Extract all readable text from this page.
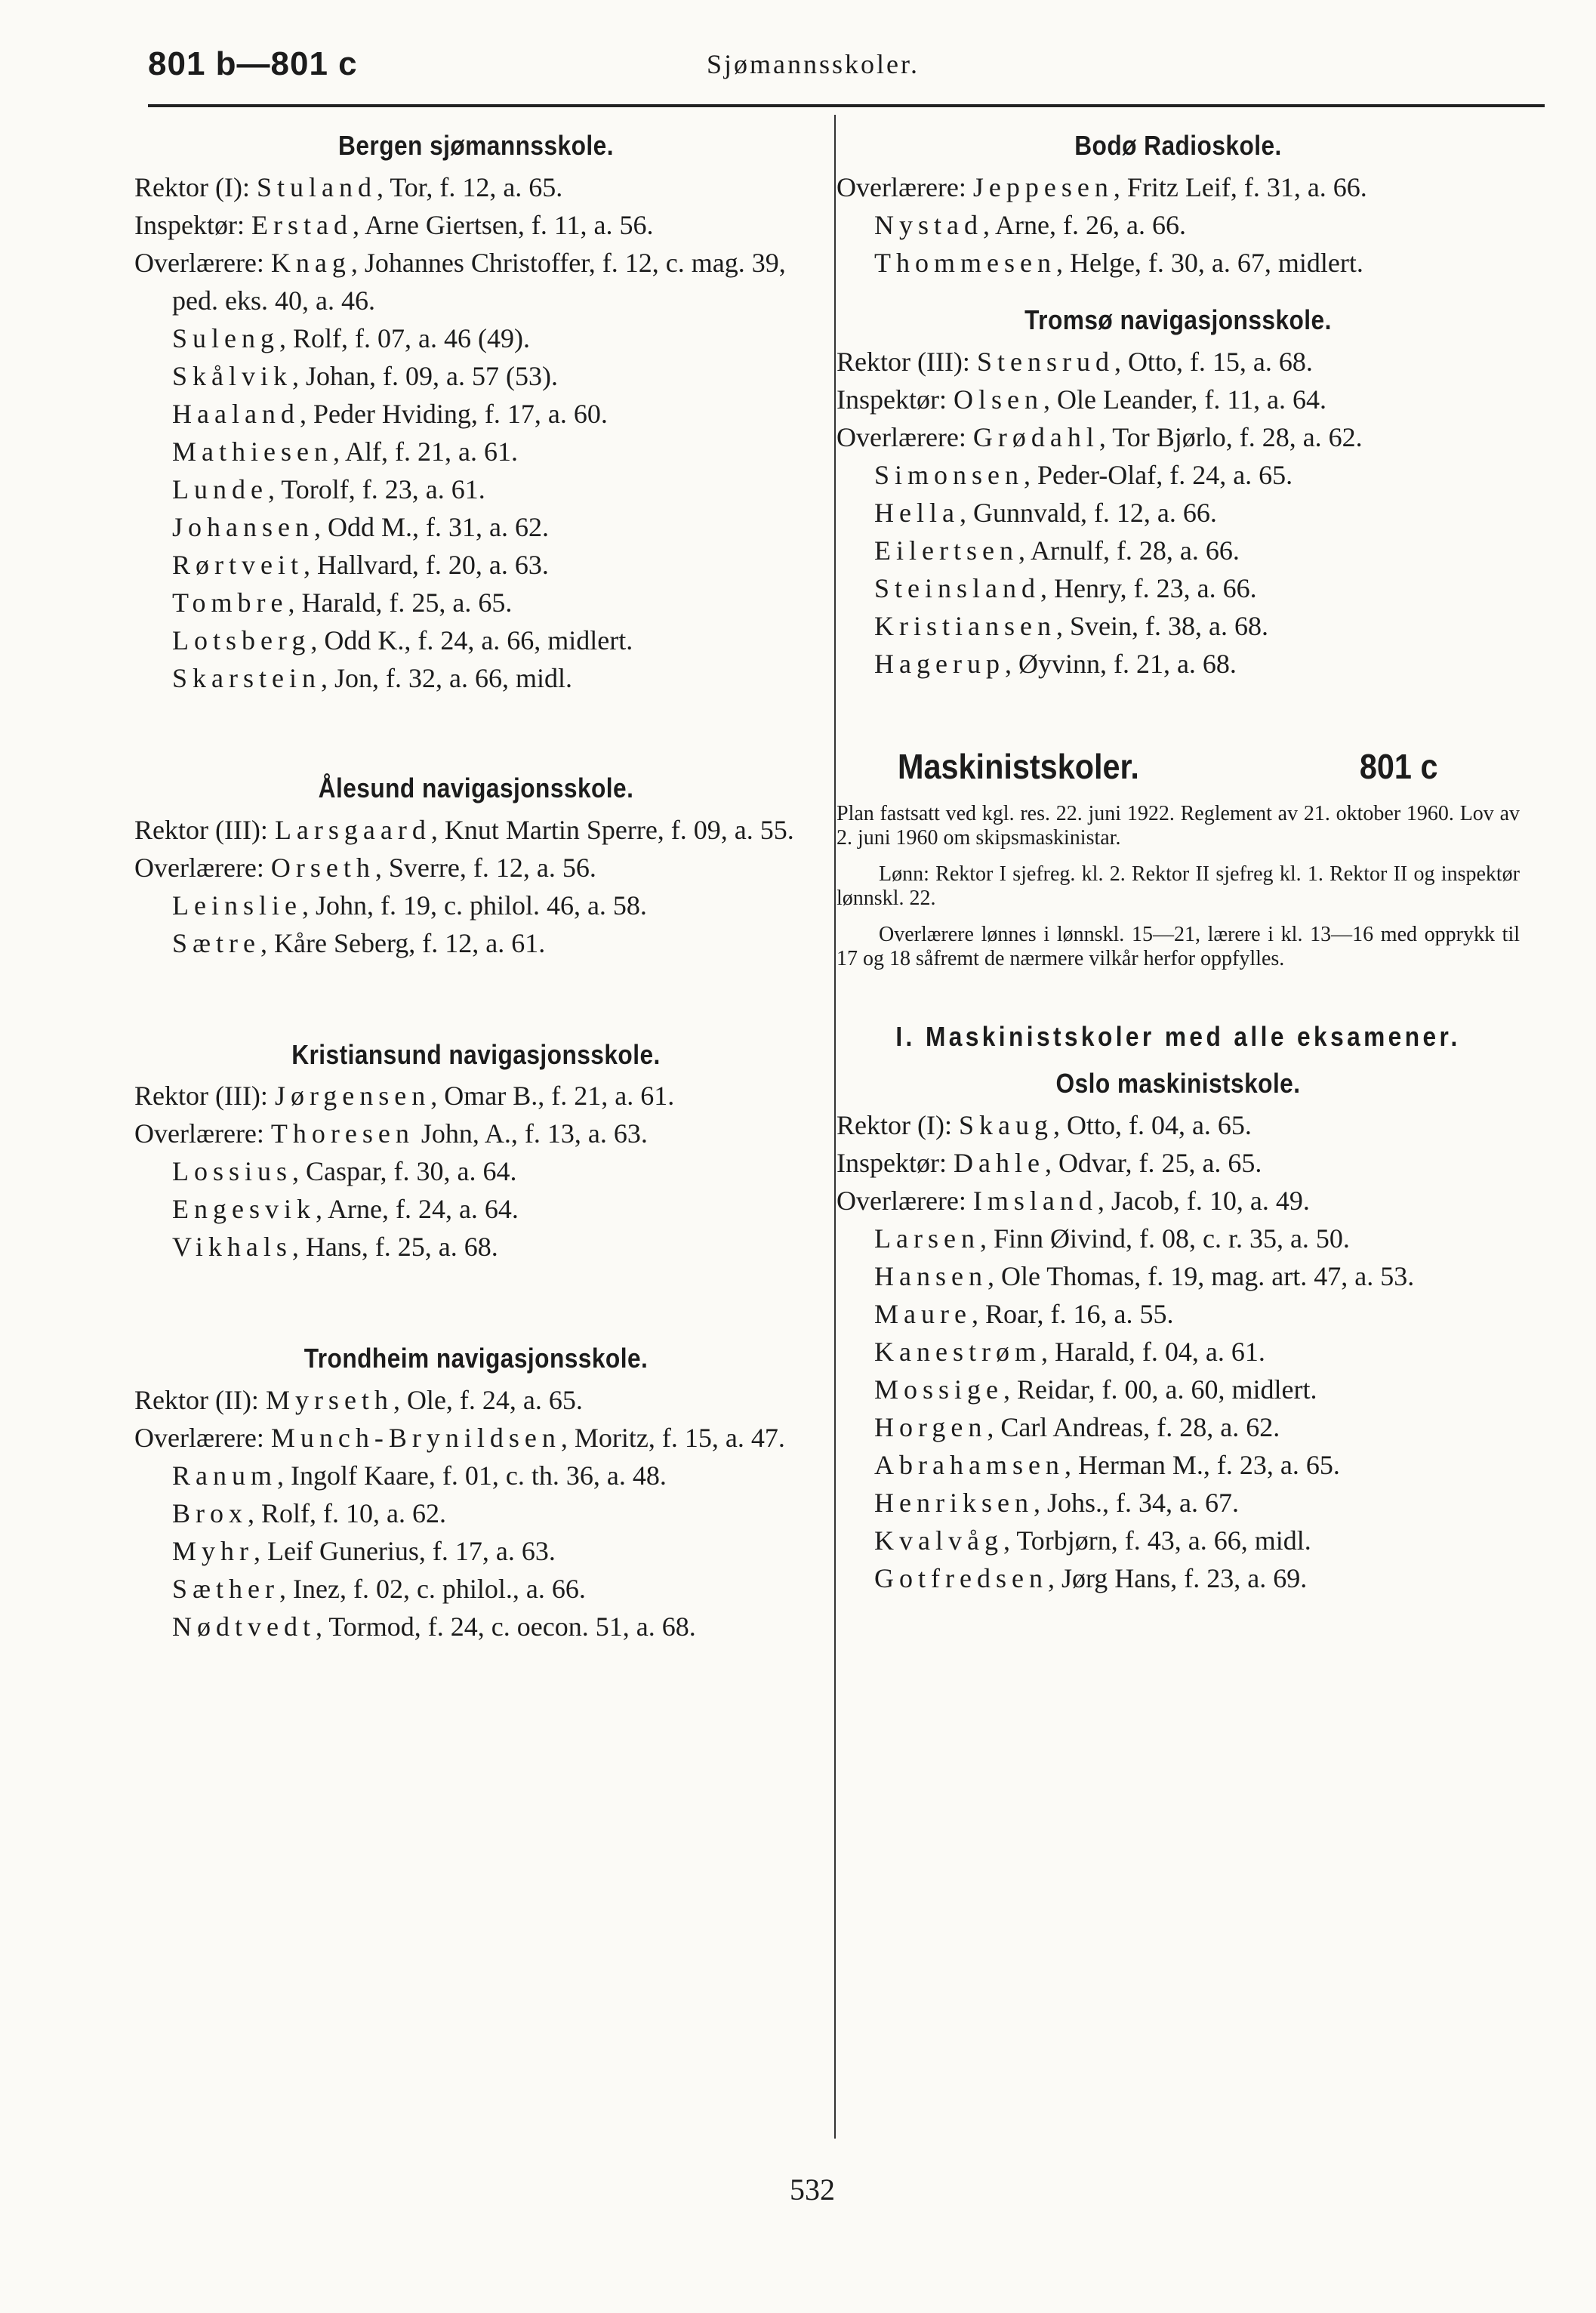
801 b—801 c	Sjømannsskoler.

Bergen sjømannsskole.

Rektor (I): Stuland, Tor, f. 12, a. 65.

Inspektør: Erstad, Arne Giertsen, f. 11, a. 56.

Overlærere: Knag, Johannes Christoffer, f. 12, c. mag. 39, ped. eks. 40, a. 46.

Suleng, Rolf, f. 07, a. 46 (49).

Skålvik, Johan, f. 09, a. 57 (53).

Haaland, Peder Hviding, f. 17, a. 60.

Mathiesen, Alf, f. 21, a. 61.

Lunde, Torolf, f. 23, a. 61.

Johansen, Odd M., f. 31, a. 62.

Rørtveit, Hallvard, f. 20, a. 63.

Tombre, Harald, f. 25, a. 65.

Lotsberg, Odd K., f. 24, a. 66, midlert.

Skarstein, Jon, f. 32, a. 66, midl.

Ålesund navigasjonsskole.

Rektor (III): Larsgaard, Knut Martin Sperre, f. 09, a. 55.

Overlærere: Orseth, Sverre, f. 12, a. 56.

Leinslie, John, f. 19, c. philol. 46, a. 58.

Sætre, Kåre Seberg, f. 12, a. 61.

Kristiansund navigasjonsskole.

Rektor (III): Jørgensen, Omar B., f. 21, a. 61.

Overlærere: Thoresen John, A., f. 13, a. 63.

Lossius, Caspar, f. 30, a. 64.

Engesvik, Arne, f. 24, a. 64.

Vikhals, Hans, f. 25, a. 68.

Trondheim navigasjonsskole.

Rektor (II): Myrseth, Ole, f. 24, a. 65.

Overlærere: Munch-Brynildsen, Moritz, f. 15, a. 47.

Ranum, Ingolf Kaare, f. 01, c. th. 36, a. 48.

Brox, Rolf, f. 10, a. 62.

Myhr, Leif Gunerius, f. 17, a. 63.

Sæther, Inez, f. 02, c. philol., a. 66.

Nødtvedt, Tormod, f. 24, c. oecon. 51, a. 68.

Bodø Radioskole.

Overlærere: Jeppesen, Fritz Leif, f. 31, a. 66.

Nystad, Arne, f. 26, a. 66.

Thommesen, Helge, f. 30, a. 67, midlert.

Tromsø navigasjonsskole.

Rektor (III): Stensrud, Otto, f. 15, a. 68.

Inspektør: Olsen, Ole Leander, f. 11, a. 64.

Overlærere: Grødahl, Tor Bjørlo, f. 28, a. 62.

Simonsen, Peder-Olaf, f. 24, a. 65.

Hella, Gunnvald, f. 12, a. 66.

Eilertsen, Arnulf, f. 28, a. 66.

Steinsland, Henry, f. 23, a. 66.

Kristiansen, Svein, f. 38, a. 68.

Hagerup, Øyvinn, f. 21, a. 68.

Maskinistskoler.	801 c

Plan fastsatt ved kgl. res. 22. juni 1922. Reglement av 21. oktober 1960. Lov av 2. juni 1960 om skipsmaskinistar.

Lønn: Rektor I sjefreg. kl. 2. Rektor II sjefreg kl. 1. Rektor II og inspektør lønnskl. 22.

Overlærere lønnes i lønnskl. 15—21, lærere i kl. 13—16 med opprykk til 17 og 18 såfremt de nærmere vilkår herfor oppfylles.

I. Maskinistskoler med alle eksamener.

Oslo maskinistskole.

Rektor (I): Skaug, Otto, f. 04, a. 65.

Inspektør: Dahle, Odvar, f. 25, a. 65.

Overlærere: Imsland, Jacob, f. 10, a. 49.

Larsen, Finn Øivind, f. 08, c. r. 35, a. 50.

Hansen, Ole Thomas, f. 19, mag. art. 47, a. 53.

Maure, Roar, f. 16, a. 55.

Kanestrøm, Harald, f. 04, a. 61.

Mossige, Reidar, f. 00, a. 60, midlert.

Horgen, Carl Andreas, f. 28, a. 62.

Abrahamsen, Herman M., f. 23, a. 65.

Henriksen, Johs., f. 34, a. 67.

Kvalvåg, Torbjørn, f. 43, a. 66, midl.

Gotfredsen, Jørg Hans, f. 23, a. 69.

532
